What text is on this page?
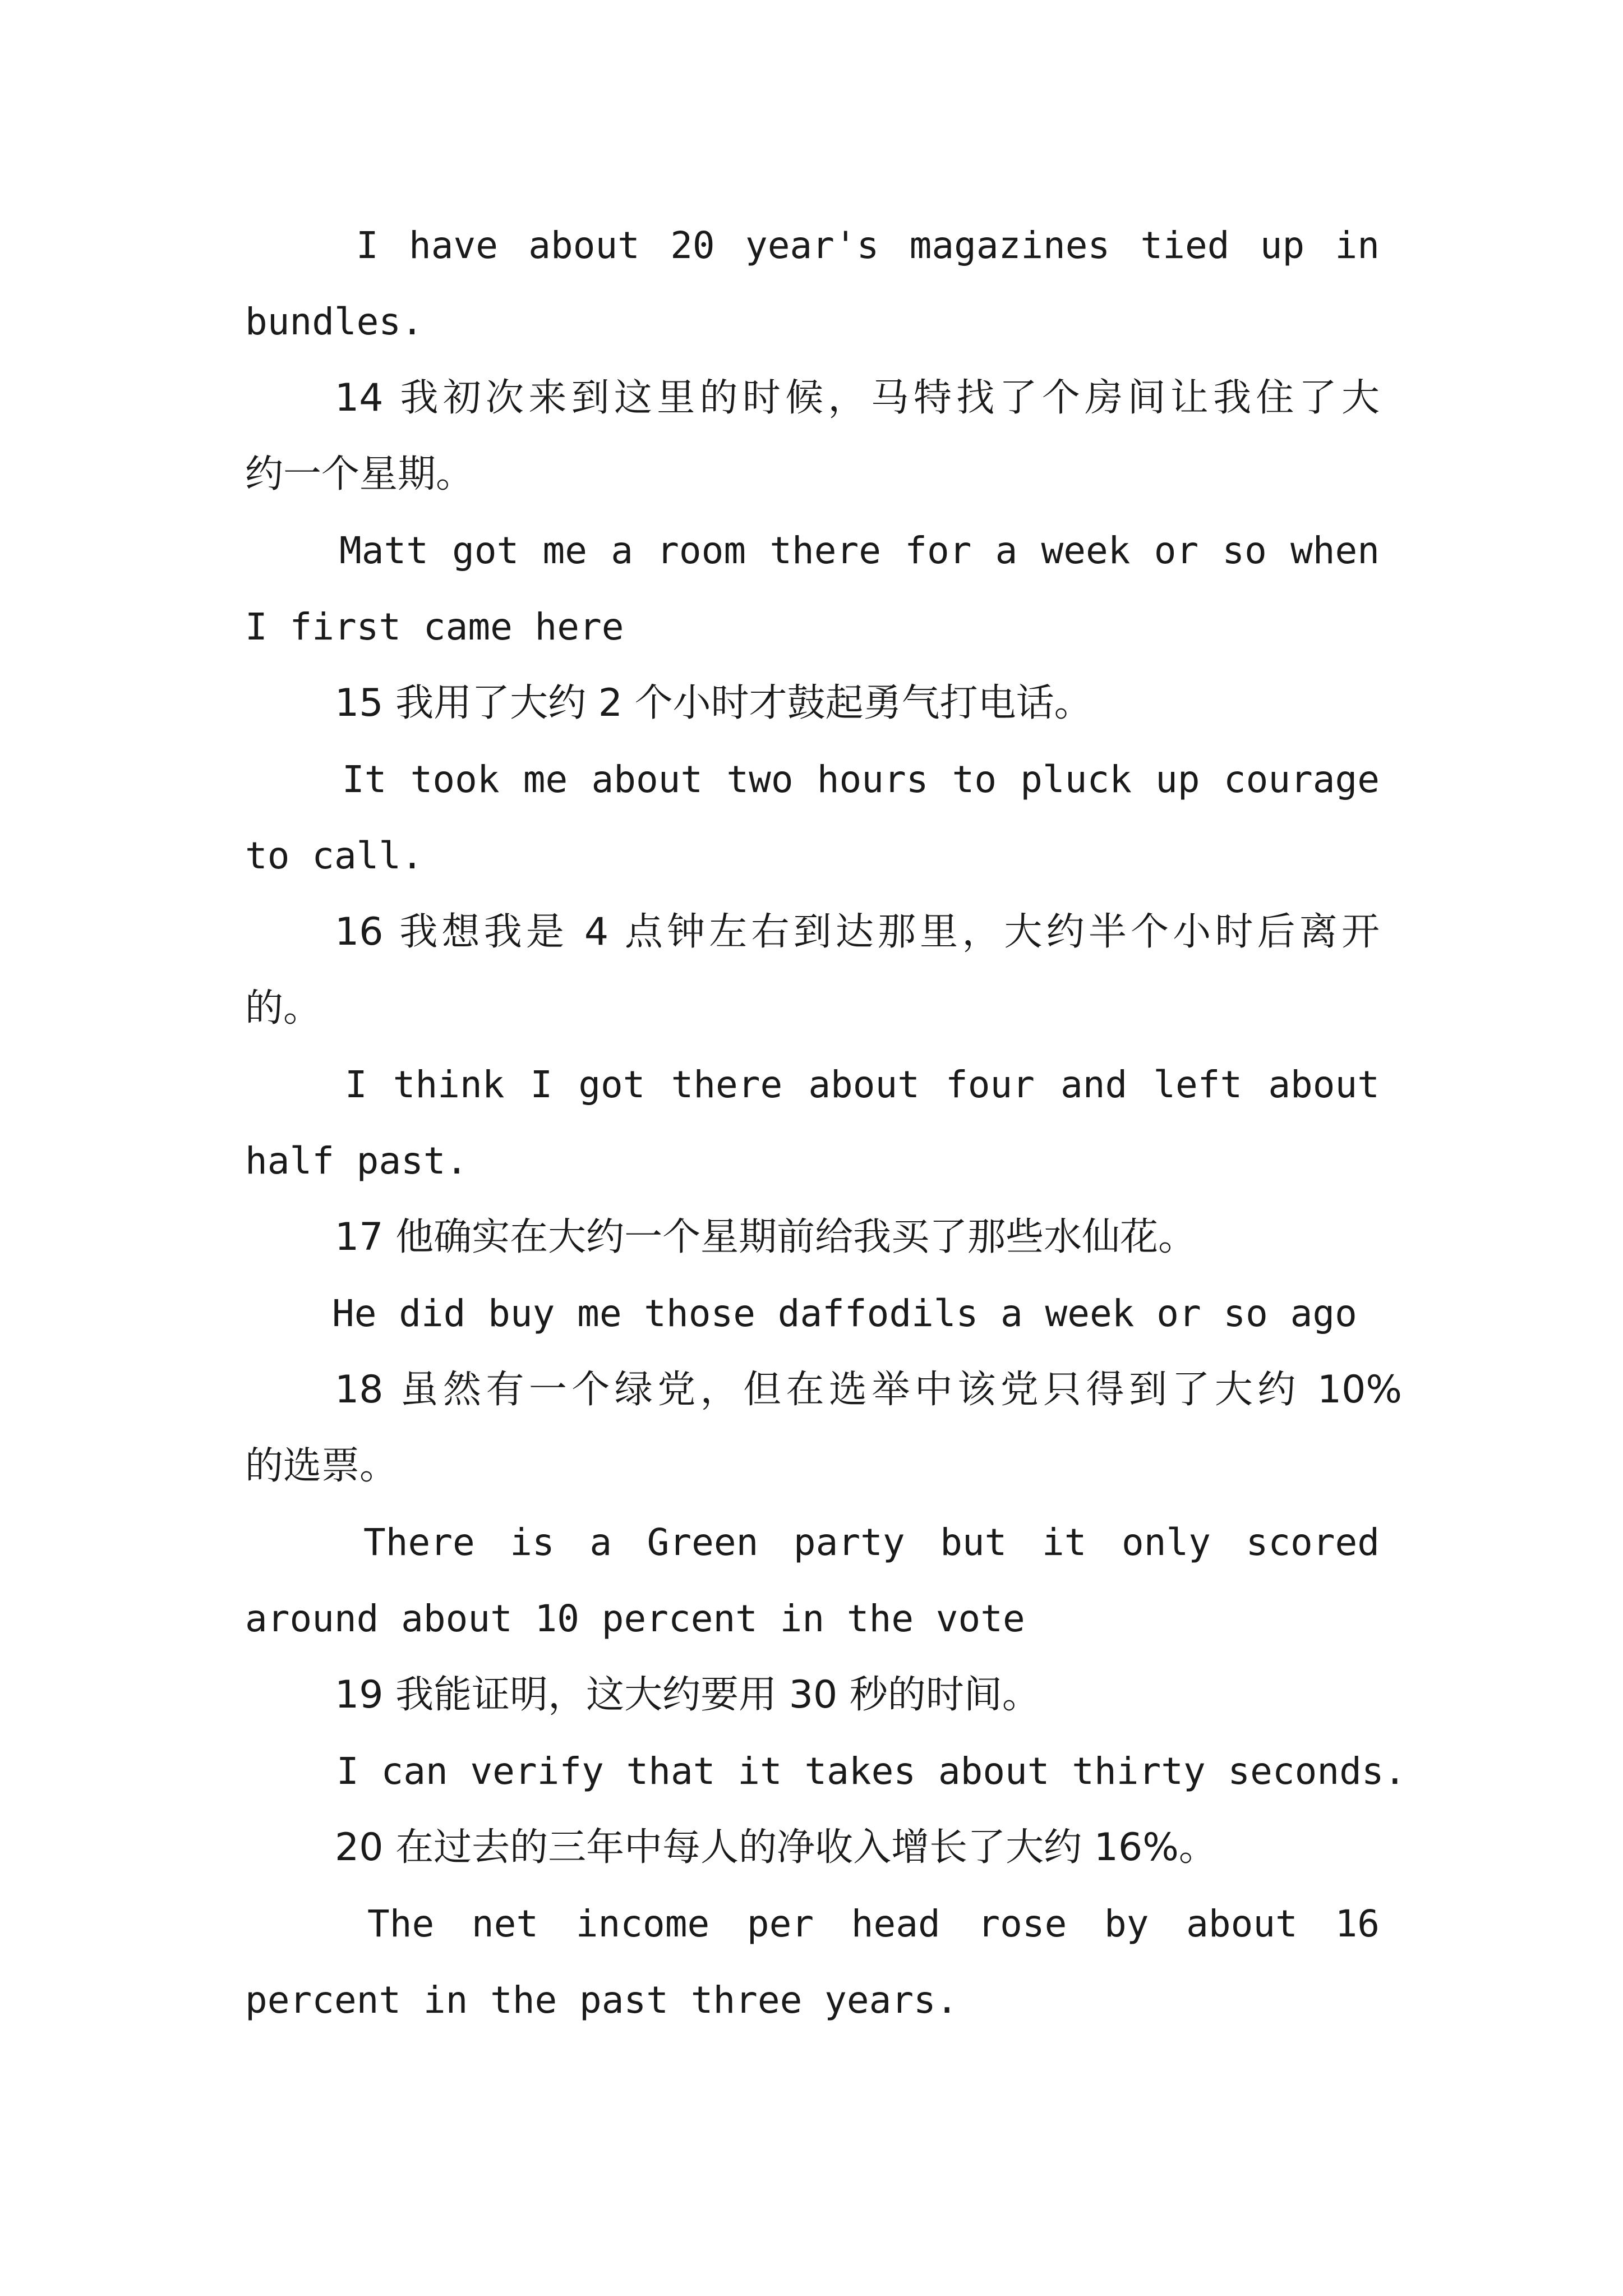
I have about 20 year's magazines tied up in
bundles.
14 我初次来到这里的时候，马特找了个房间让我住了大
约一个星期。
Matt got me a room there for a week or so when
I first came here
15 我用了大约 2 个小时才鼓起勇气打电话。
It took me about two hours to pluck up courage
to call.
16 我想我是 4 点钟左右到达那里，大约半个小时后离开
的。
I think I got there about four and left about
half past.
17 他确实在大约一个星期前给我买了那些水仙花。
He did buy me those daffodils a week or so ago
18 虽然有一个绿党，但在选举中该党只得到了大约 10%
的选票。
There is a Green party but it only scored
around about 10 percent in the vote
19 我能证明，这大约要用 30 秒的时间。
I can verify that it takes about thirty seconds.
20 在过去的三年中每人的净收入增长了大约 16%。
The net income per head rose by about 16
percent in the past three years.
